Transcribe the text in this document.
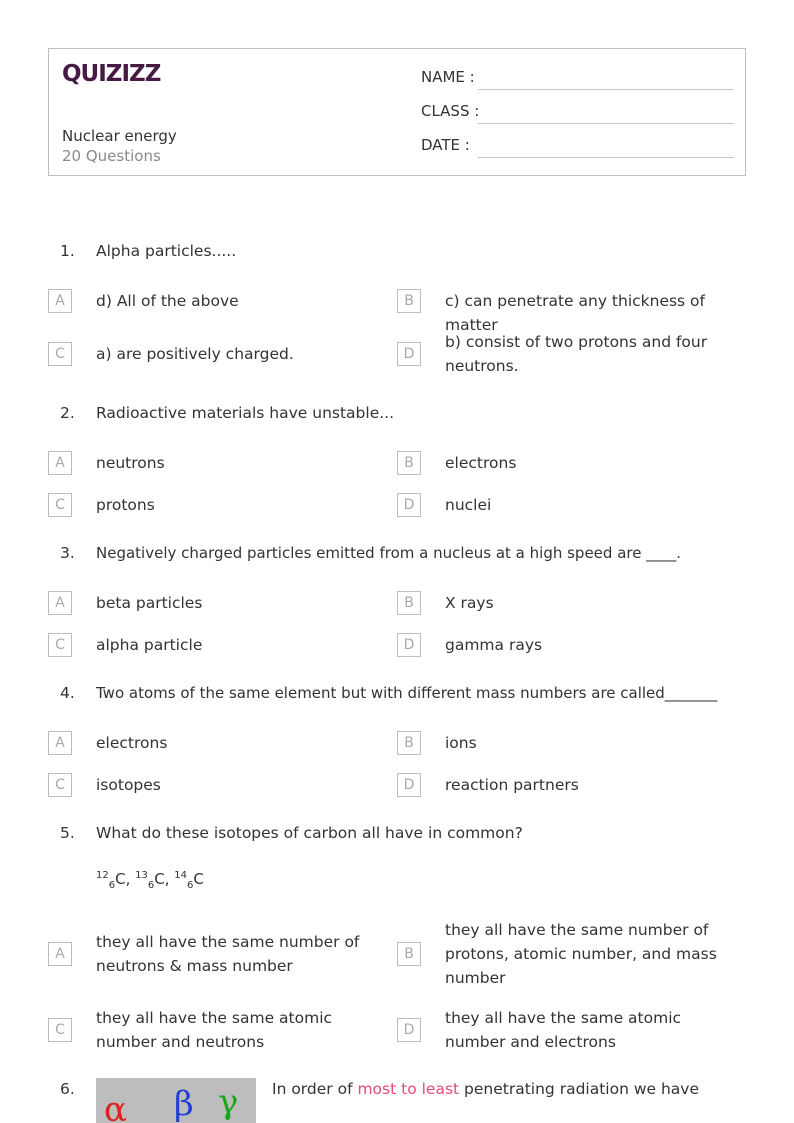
QUIZIZZ
Nuclear energy
20 Questions
NAME :
CLASS :
DATE :
1. Alpha particles.....
A	d) All of the above	B	c) can penetrate any thickness of matter
C	a) are positively charged.	D
b) consist of two protons and four neutrons.
2. Radioactive materials have unstable...
A	neutrons	B	electrons
C	protons	D	nuclei
3. Negatively charged particles emitted from a nucleus at a high speed are ____.
A	beta particles	B	X rays
C	alpha particle	D	gamma rays
4. Two atoms of the same element but with different mass numbers are called_______
A	electrons	B	ions
C	isotopes	D	reaction partners
5. What do these isotopes of carbon all have in common?
$^{12}_6$C, $^{13}_6$C, $^{14}_6$C
A
they all have the same number of neutrons & mass number
B
they all have the same number of protons, atomic number, and mass number
C
they all have the same atomic number and neutrons
D
they all have the same atomic number and electrons
6.
α β γ In order of most to least penetrating radiation we have
